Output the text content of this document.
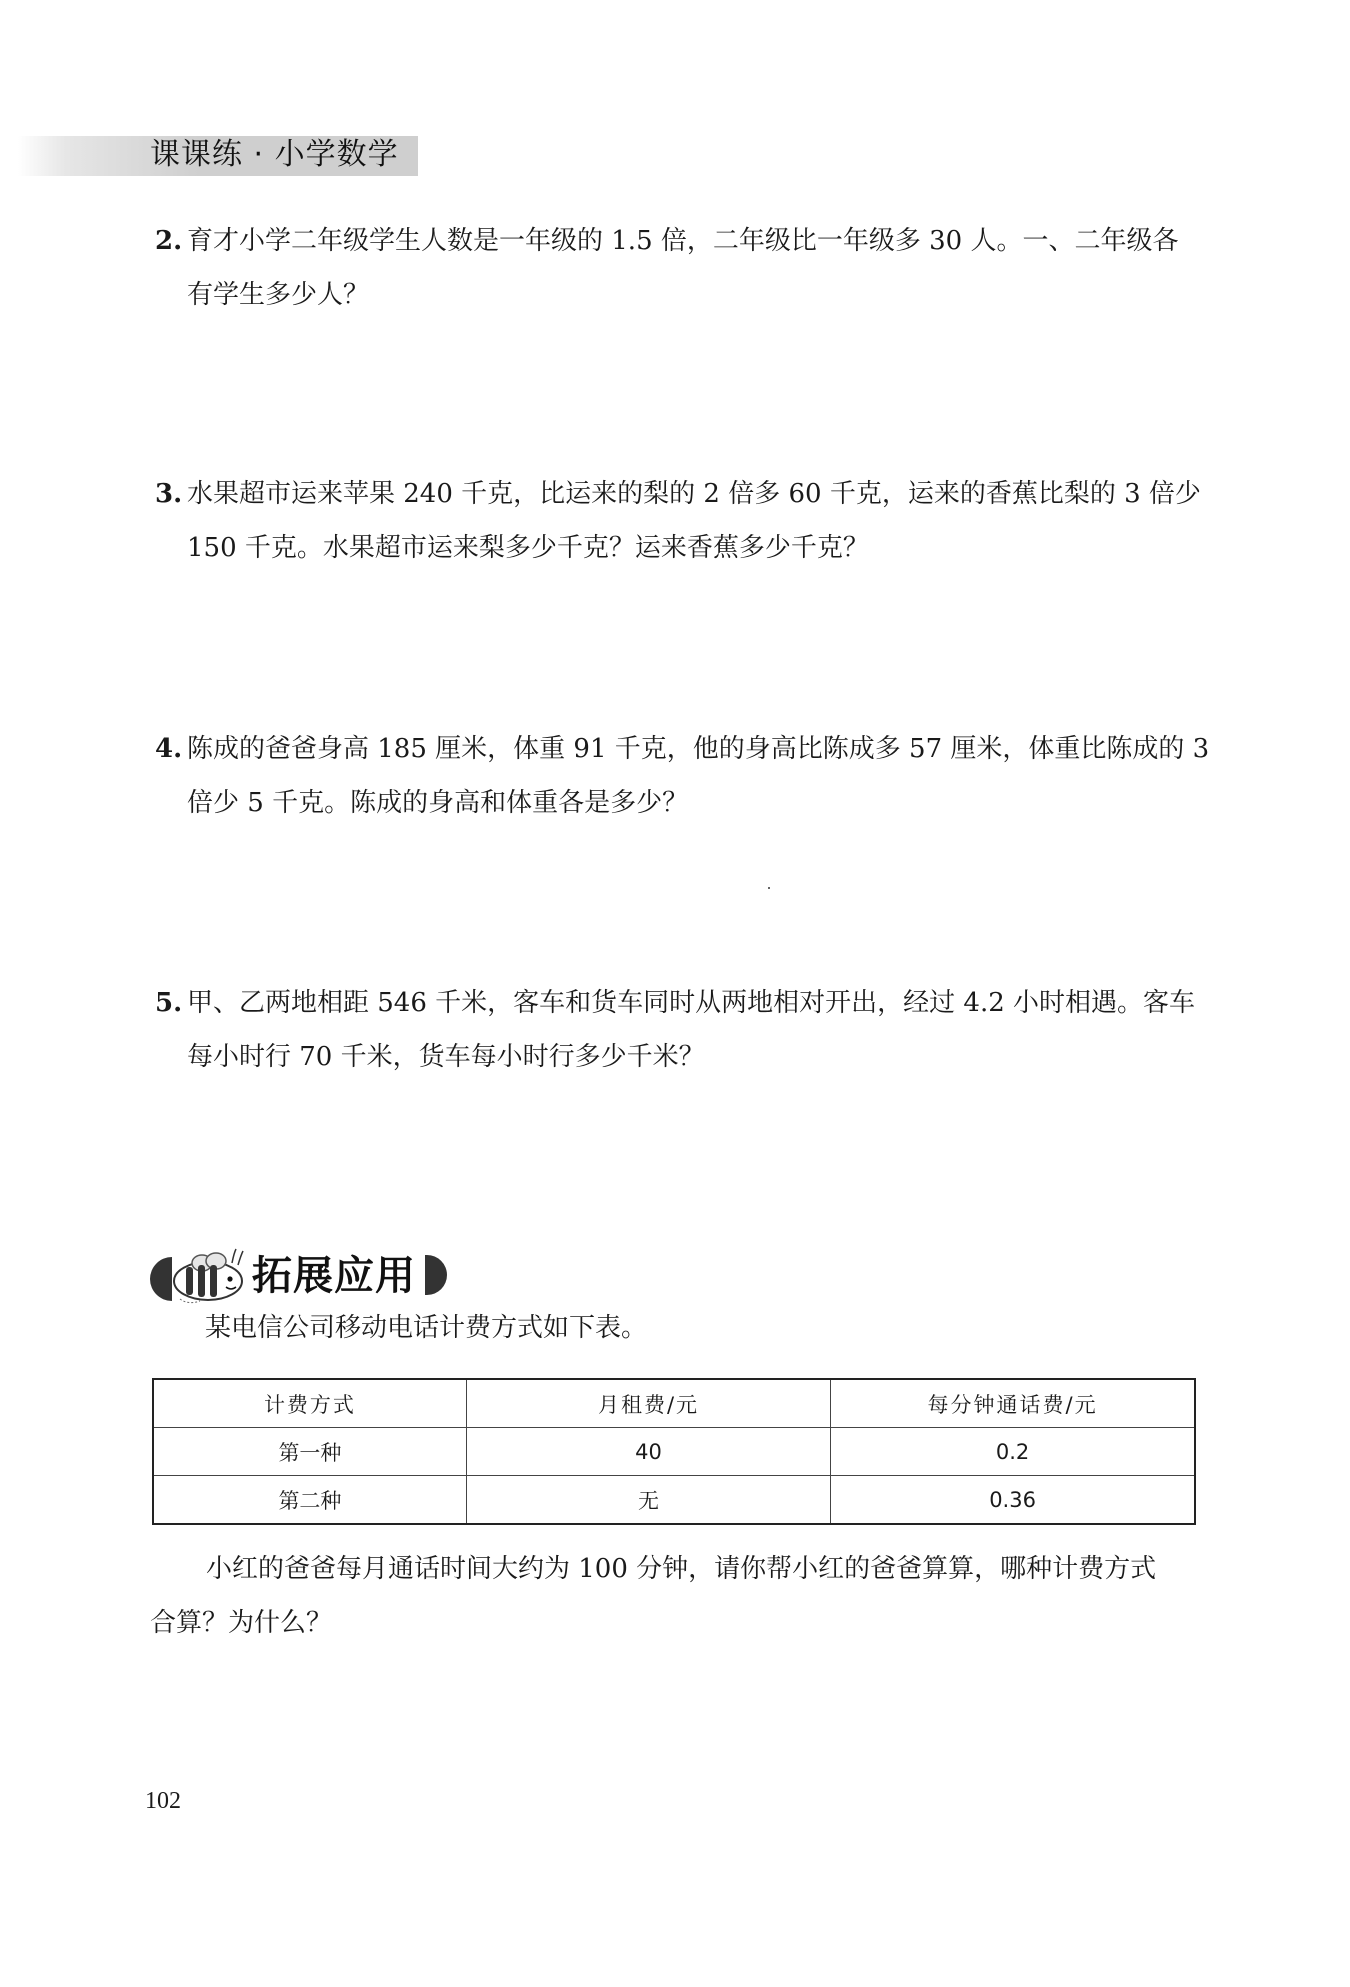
课课练 · 小学数学
2. 育才小学二年级学生人数是一年级的 1.5 倍，二年级比一年级多 30 人。一、二年级各
有学生多少人？
3. 水果超市运来苹果 240 千克，比运来的梨的 2 倍多 60 千克，运来的香蕉比梨的 3 倍少
150 千克。水果超市运来梨多少千克？运来香蕉多少千克？
4. 陈成的爸爸身高 185 厘米，体重 91 千克，他的身高比陈成多 57 厘米，体重比陈成的 3
倍少 5 千克。陈成的身高和体重各是多少？
5. 甲、乙两地相距 546 千米，客车和货车同时从两地相对开出，经过 4.2 小时相遇。客车
每小时行 70 千米，货车每小时行多少千米？
拓展应用
某电信公司移动电话计费方式如下表。
计费方式	月租费/元	每分钟通话费/元
第一种	40	0.2
第二种	无	0.36
小红的爸爸每月通话时间大约为 100 分钟，请你帮小红的爸爸算算，哪种计费方式
合算？为什么？
102
